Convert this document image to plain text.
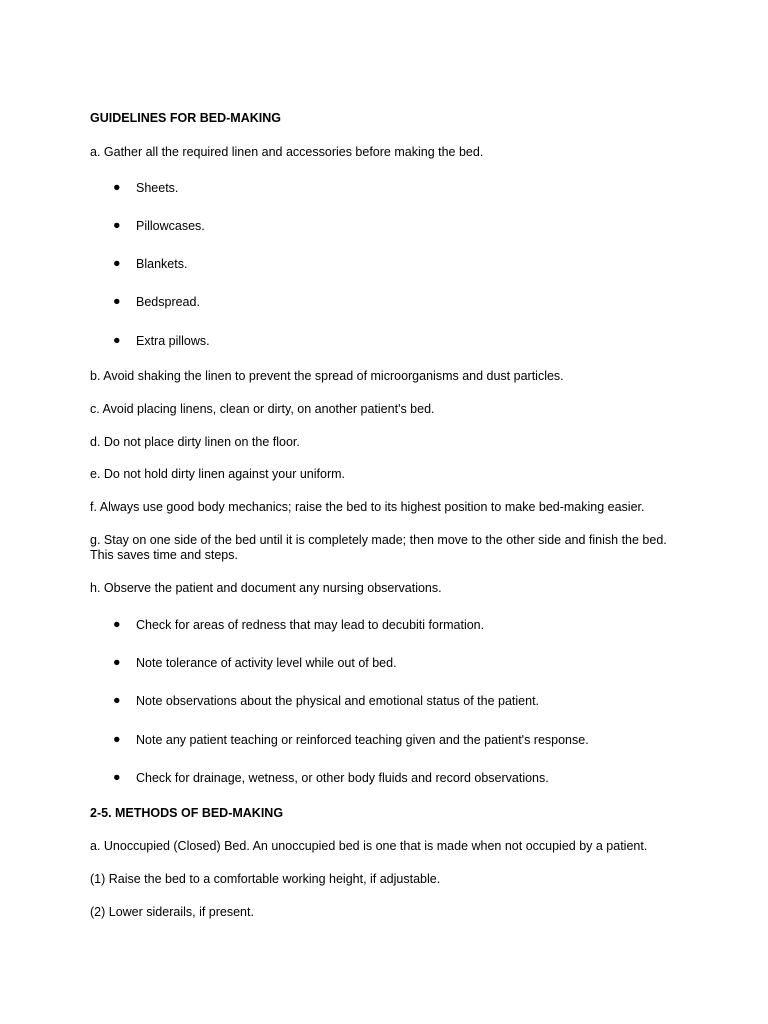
GUIDELINES FOR BED-MAKING
a. Gather all the required linen and accessories before making the bed.
● Sheets.
● Pillowcases.
● Blankets.
● Bedspread.
● Extra pillows.
b. Avoid shaking the linen to prevent the spread of microorganisms and dust particles.
c. Avoid placing linens, clean or dirty, on another patient's bed.
d. Do not place dirty linen on the floor.
e. Do not hold dirty linen against your uniform.
f. Always use good body mechanics; raise the bed to its highest position to make bed-making easier.
g. Stay on one side of the bed until it is completely made; then move to the other side and finish the bed.
This saves time and steps.
h. Observe the patient and document any nursing observations.
● Check for areas of redness that may lead to decubiti formation.
● Note tolerance of activity level while out of bed.
● Note observations about the physical and emotional status of the patient.
● Note any patient teaching or reinforced teaching given and the patient's response.
● Check for drainage, wetness, or other body fluids and record observations.
2-5. METHODS OF BED-MAKING
a. Unoccupied (Closed) Bed. An unoccupied bed is one that is made when not occupied by a patient.
(1) Raise the bed to a comfortable working height, if adjustable.
(2) Lower siderails, if present.
